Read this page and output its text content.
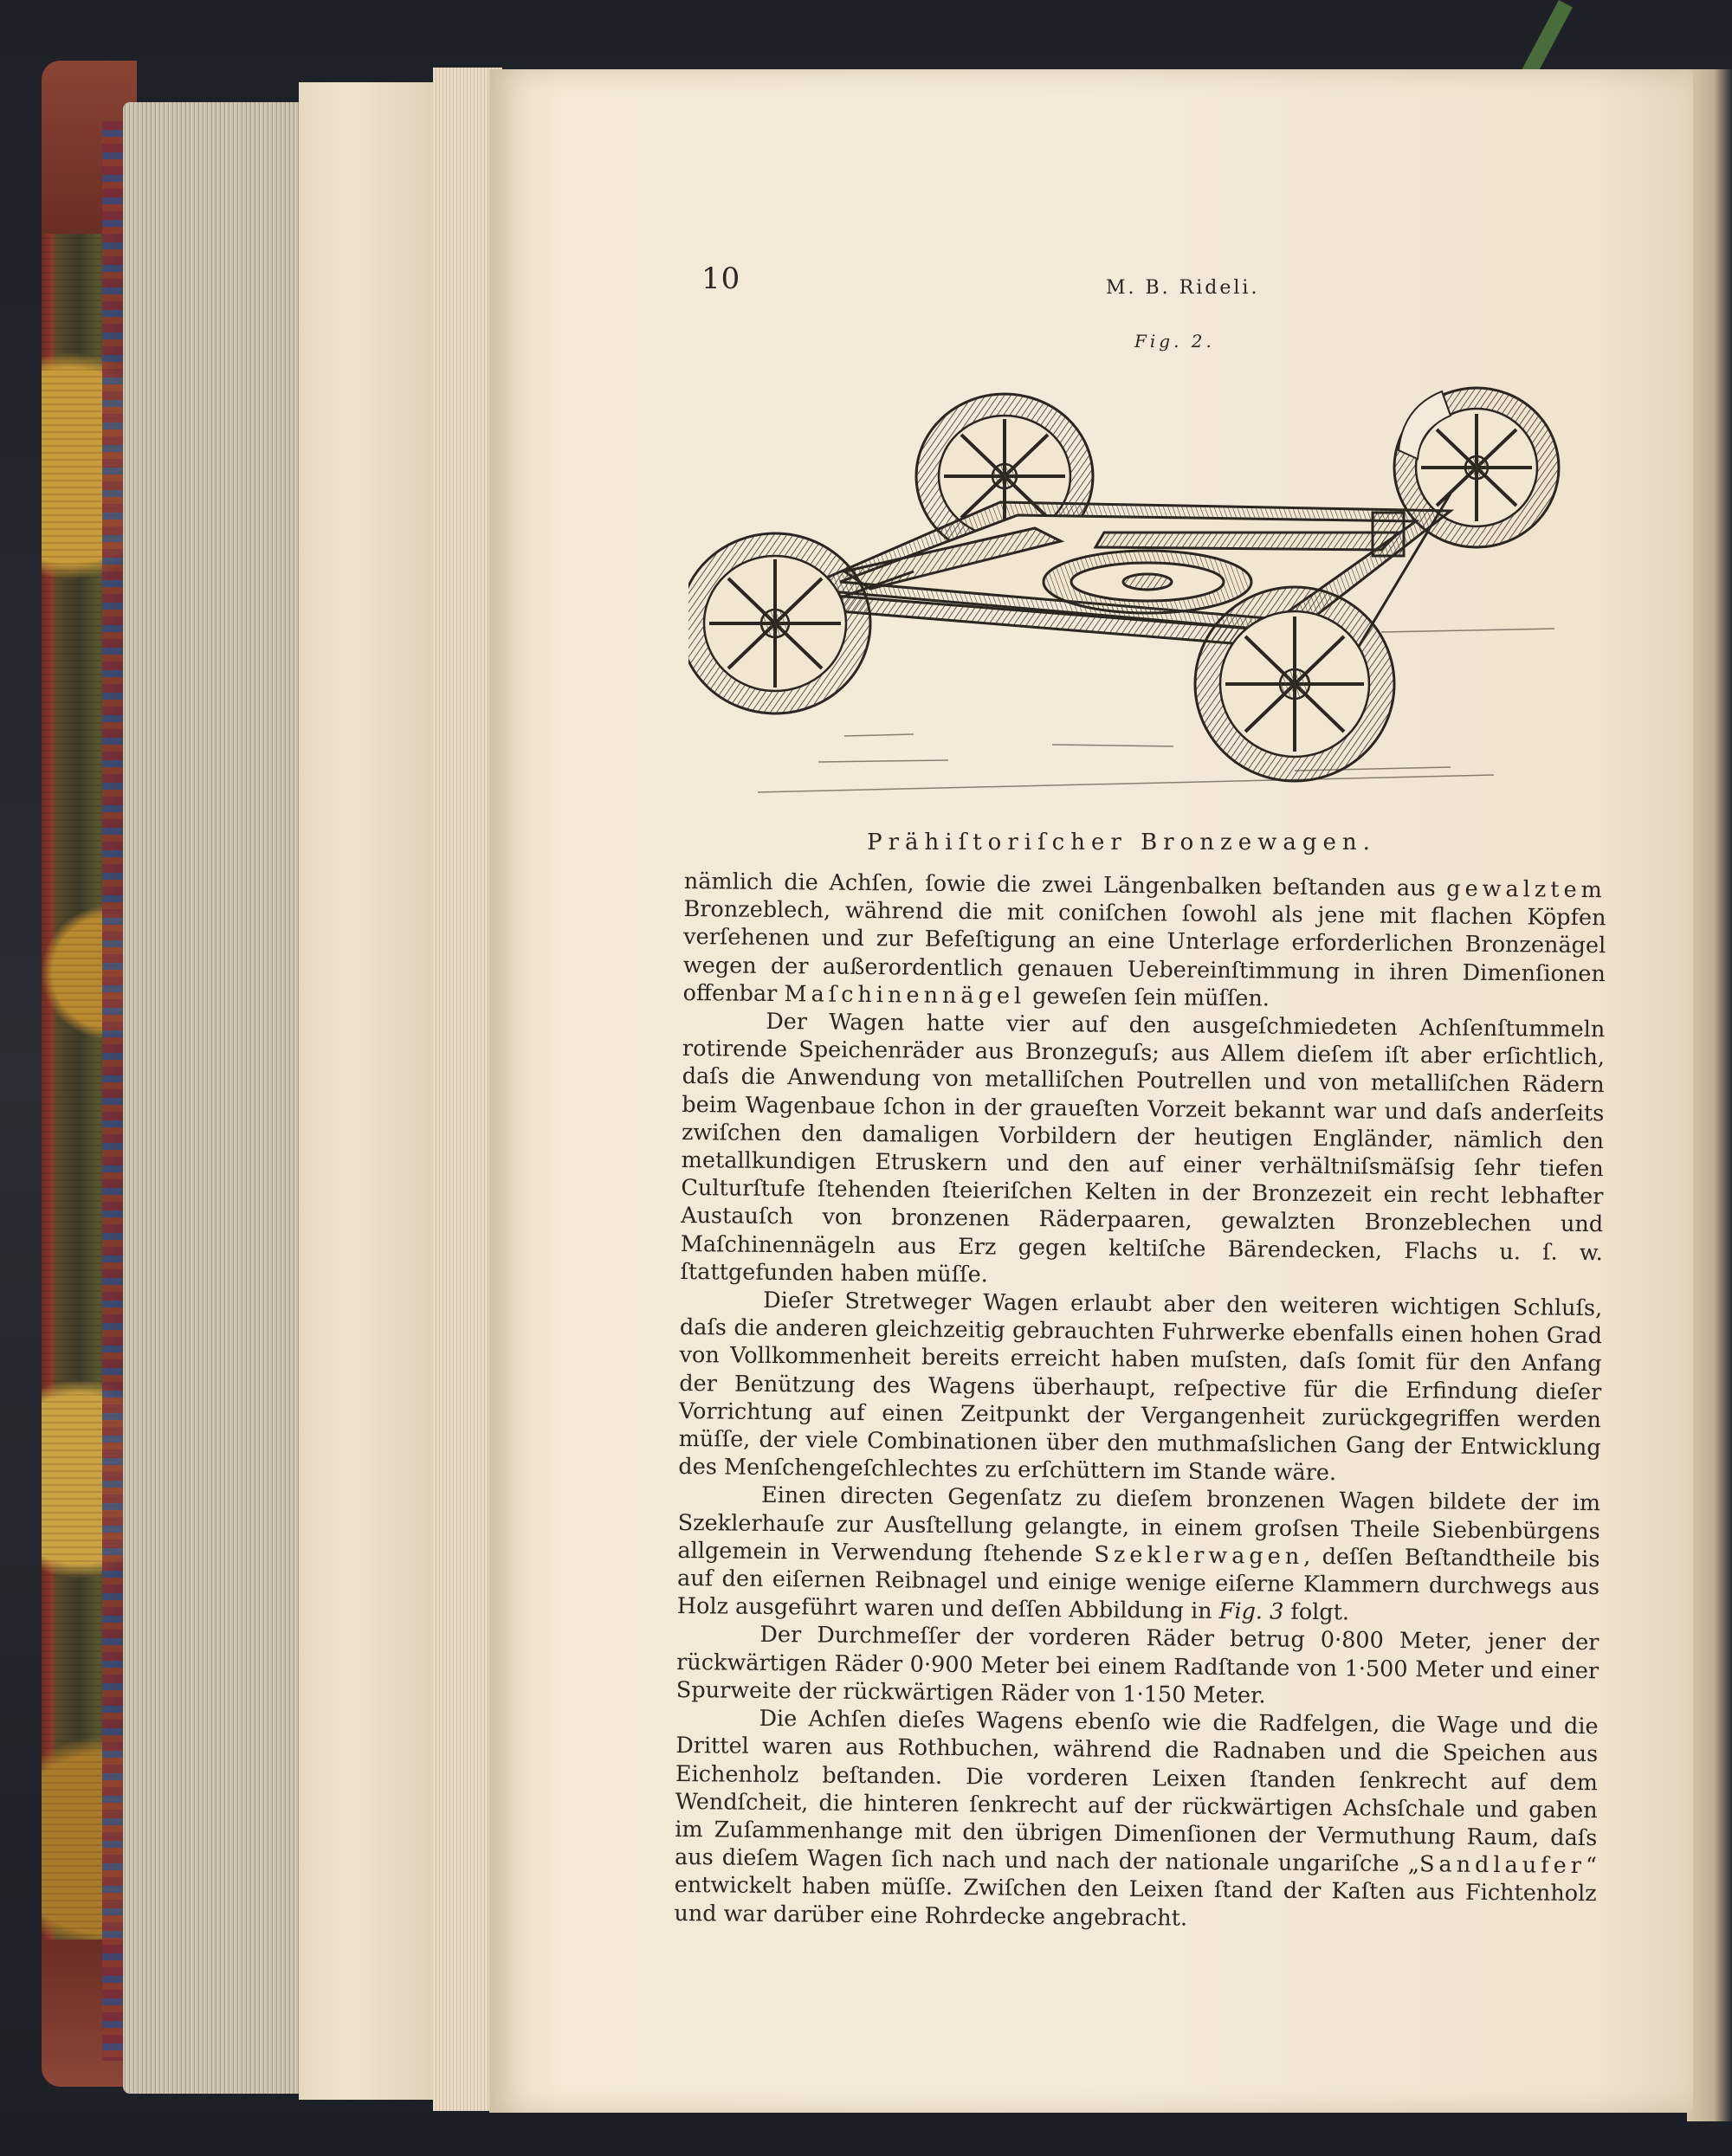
10	M. B. Rideli.
Fig. 2.
Prähiſtoriſcher Bronzewagen.

nämlich die Achſen, ſowie die zwei Längenbalken beſtanden aus gewalztem Bronzeblech, während die mit coniſchen ſowohl als jene mit flachen Köpfen verſehenen und zur Befeſtigung an eine Unterlage erforderlichen Bronzenägel wegen der außerordentlich genauen Uebereinſtimmung in ihren Dimenſionen offenbar Maſchinennägel geweſen ſein müſſen.

Der Wagen hatte vier auf den ausgeſchmiedeten Achſenſtummeln rotirende Speichenräder aus Bronzeguſs; aus Allem dieſem iſt aber erſichtlich, daſs die Anwendung von metalliſchen Poutrellen und von metalliſchen Rädern beim Wagenbaue ſchon in der graueſten Vorzeit bekannt war und daſs anderſeits zwiſchen den damaligen Vorbildern der heutigen Engländer, nämlich den metallkundigen Etruskern und den auf einer verhältniſsmäſsig ſehr tiefen Culturſtufe ſtehenden ſteieriſchen Kelten in der Bronzezeit ein recht lebhafter Austauſch von bronzenen Räderpaaren, gewalzten Bronzeblechen und Maſchinennägeln aus Erz gegen keltiſche Bärendecken, Flachs u. ſ. w. ſtattgefunden haben müſſe.

Dieſer Stretweger Wagen erlaubt aber den weiteren wichtigen Schluſs, daſs die anderen gleichzeitig gebrauchten Fuhrwerke ebenfalls einen hohen Grad von Vollkommenheit bereits erreicht haben muſsten, daſs ſomit für den Anfang der Benützung des Wagens überhaupt, reſpective für die Erfindung dieſer Vorrichtung auf einen Zeitpunkt der Vergangenheit zurückgegriffen werden müſſe, der viele Combinationen über den muthmaſslichen Gang der Entwicklung des Menſchengeſchlechtes zu erſchüttern im Stande wäre.

Einen directen Gegenſatz zu dieſem bronzenen Wagen bildete der im Szeklerhauſe zur Ausſtellung gelangte, in einem groſsen Theile Siebenbürgens allgemein in Verwendung ſtehende Szeklerwagen, deſſen Beſtandtheile bis auf den eiſernen Reibnagel und einige wenige eiſerne Klammern durchwegs aus Holz ausgeführt waren und deſſen Abbildung in Fig. 3 folgt.

Der Durchmeſſer der vorderen Räder betrug 0·800 Meter, jener der rückwärtigen Räder 0·900 Meter bei einem Radſtande von 1·500 Meter und einer Spurweite der rückwärtigen Räder von 1·150 Meter.

Die Achſen dieſes Wagens ebenſo wie die Radfelgen, die Wage und die Drittel waren aus Rothbuchen, während die Radnaben und die Speichen aus Eichenholz beſtanden. Die vorderen Leixen ſtanden ſenkrecht auf dem Wendſcheit, die hinteren ſenkrecht auf der rückwärtigen Achsſchale und gaben im Zuſammenhange mit den übrigen Dimenſionen der Vermuthung Raum, daſs aus dieſem Wagen ſich nach und nach der nationale ungariſche „Sandlaufer“ entwickelt haben müſſe. Zwiſchen den Leixen ſtand der Kaſten aus Fichtenholz und war darüber eine Rohrdecke angebracht.
